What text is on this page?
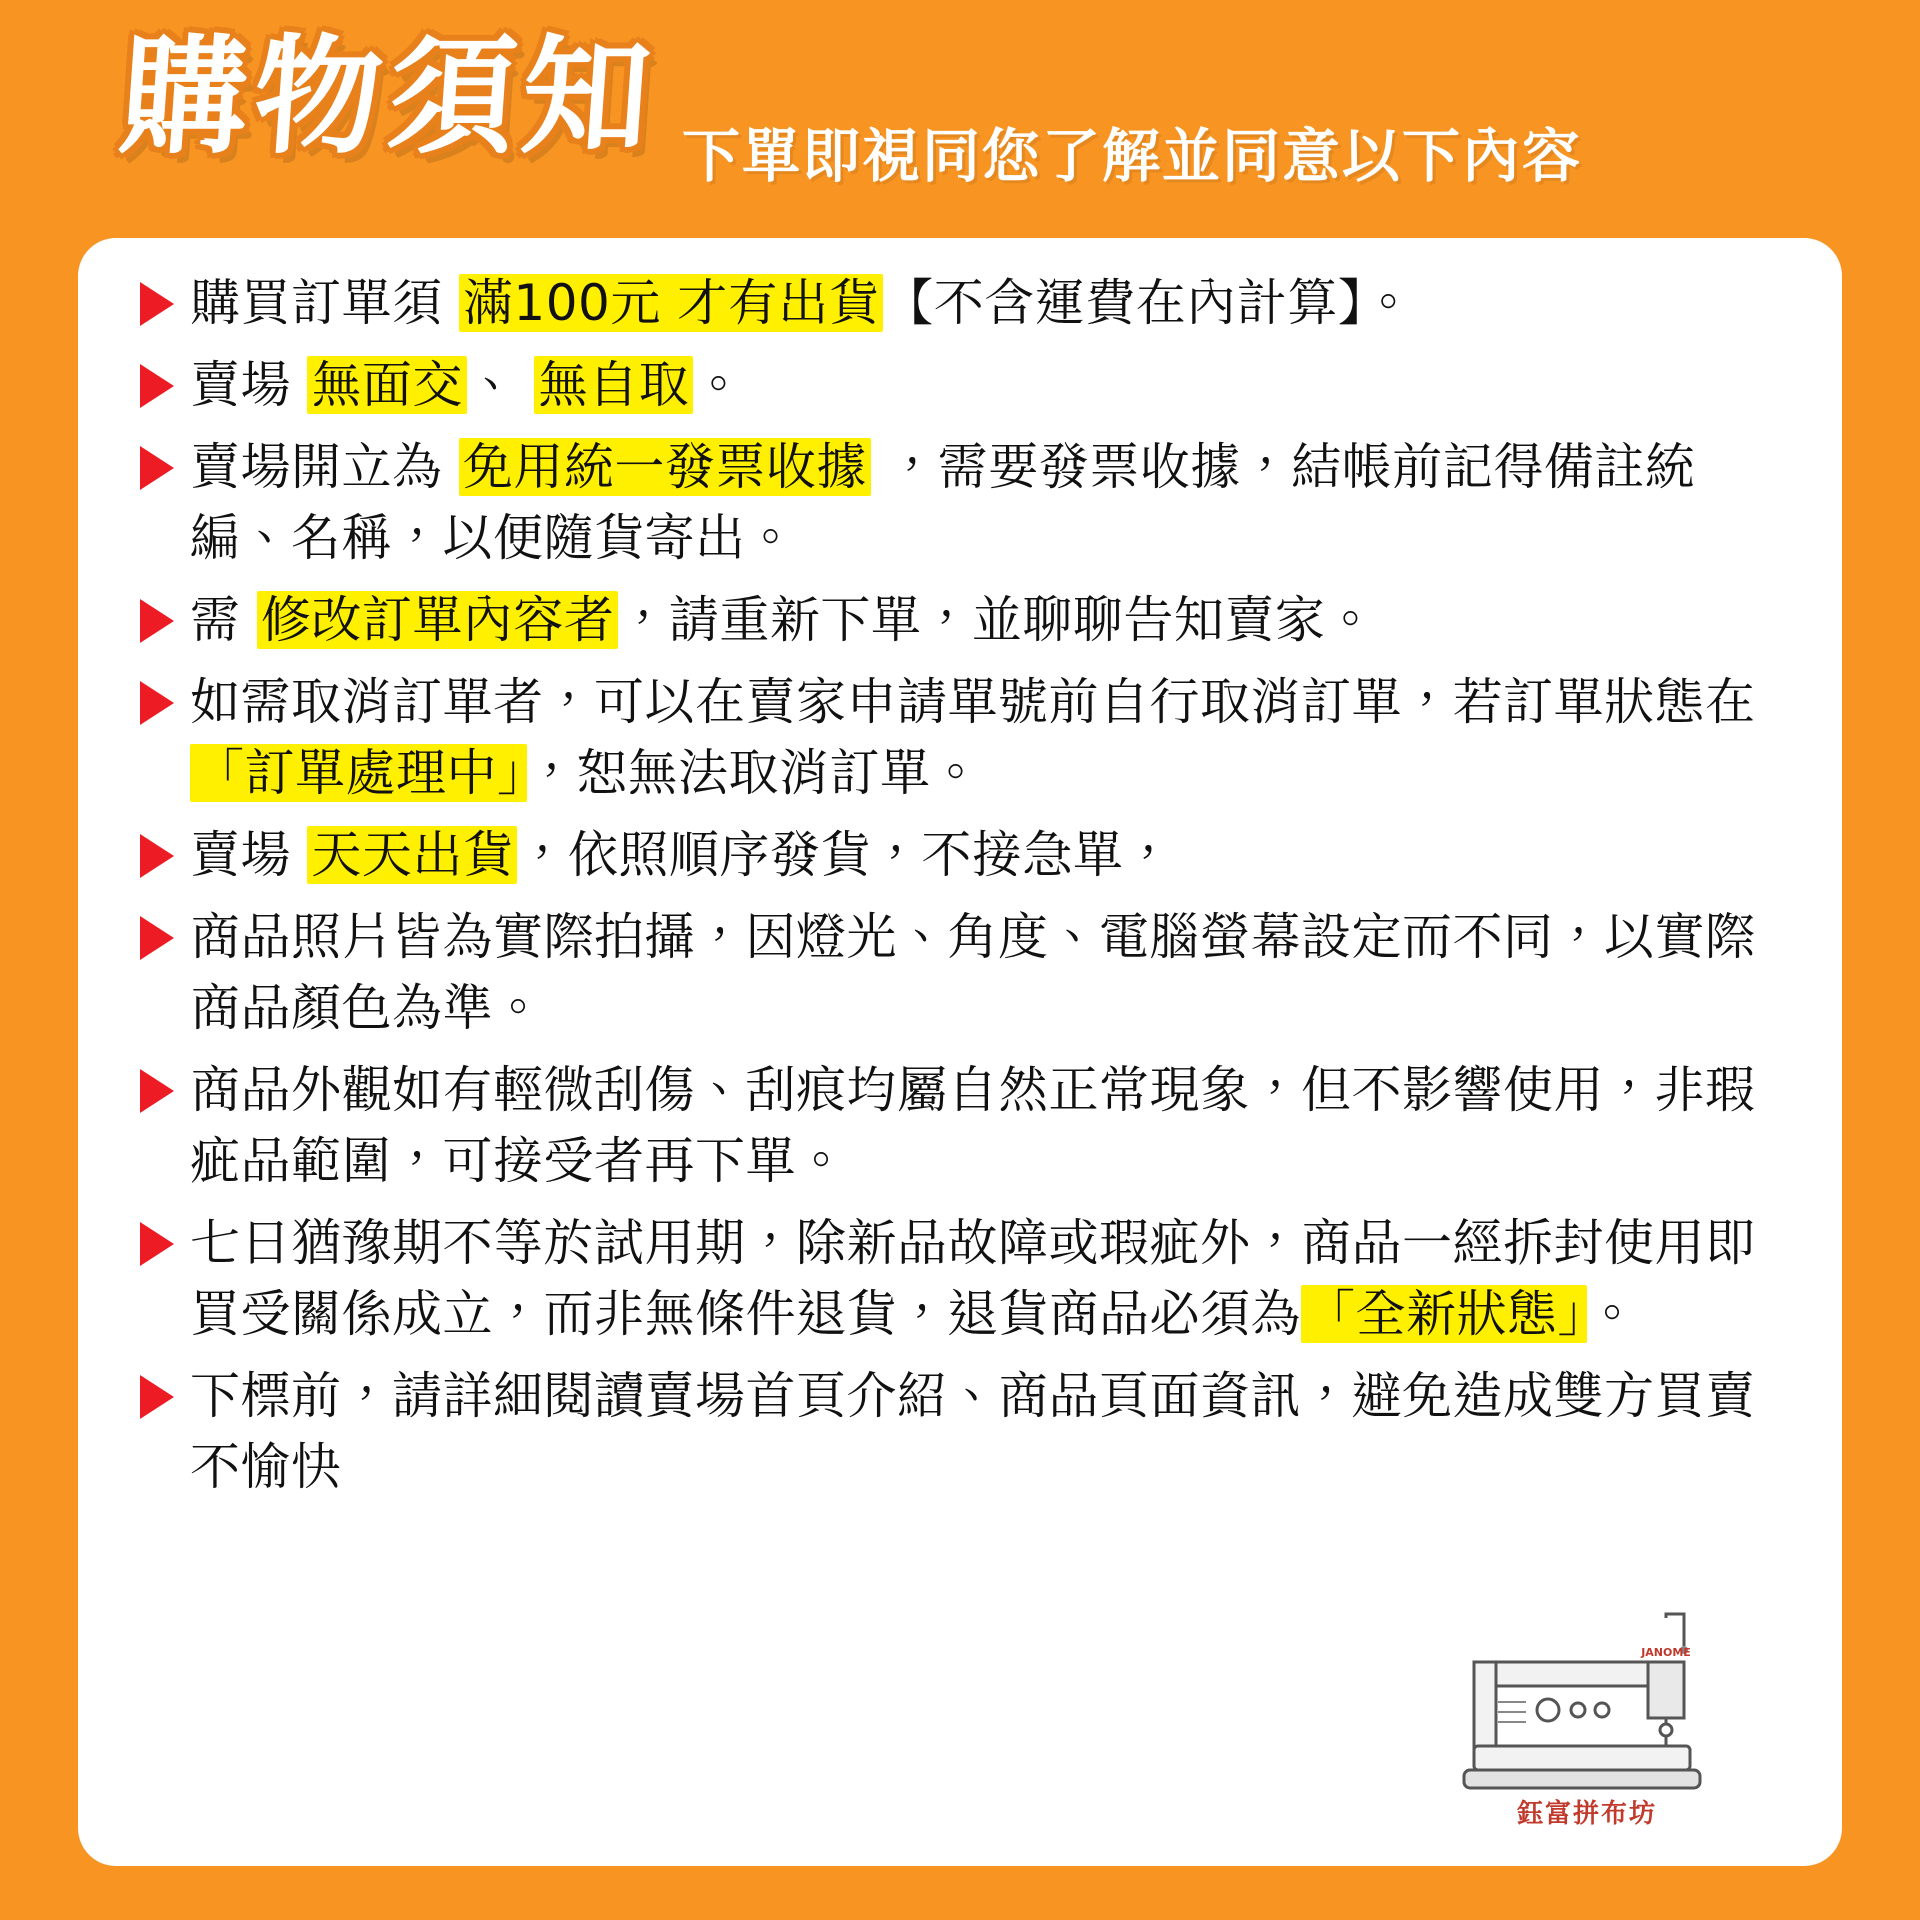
購物須知 下單即視同您了解並同意以下內容
購買訂單須 滿100元 才有出貨【不含運費在內計算】。
賣場 無面交、 無自取。
賣場開立為 免用統一發票收據 ，需要發票收據，結帳前記得備註統編、名稱，以便隨貨寄出。
需 修改訂單內容者，請重新下單，並聊聊告知賣家。
如需取消訂單者，可以在賣家申請單號前自行取消訂單，若訂單狀態在「訂單處理中」，恕無法取消訂單。
賣場 天天出貨，依照順序發貨，不接急單，
商品照片皆為實際拍攝，因燈光、角度、電腦螢幕設定而不同，以實際商品顏色為準。
商品外觀如有輕微刮傷、刮痕均屬自然正常現象，但不影響使用，非瑕疵品範圍，可接受者再下單。
七日猶豫期不等於試用期，除新品故障或瑕疵外，商品一經拆封使用即買受關係成立，而非無條件退貨，退貨商品必須為「全新狀態」。
下標前，請詳細閱讀賣場首頁介紹、商品頁面資訊，避免造成雙方買賣不愉快
JANOME
鈺富拼布坊
